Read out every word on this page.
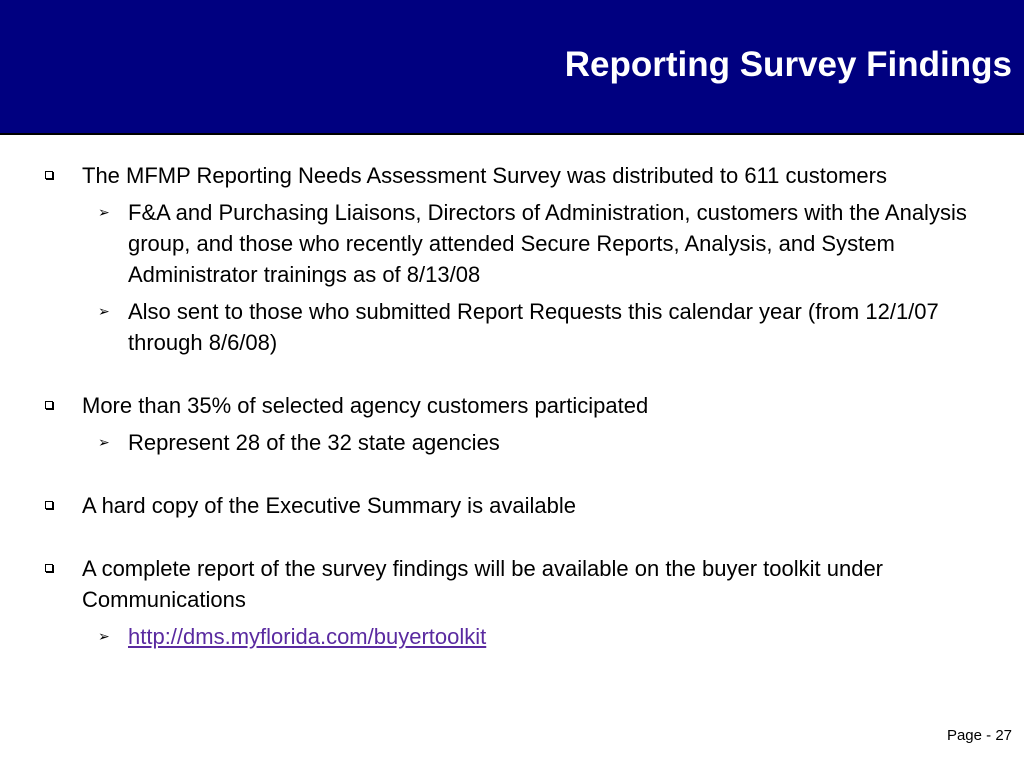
Reporting Survey Findings
The MFMP Reporting Needs Assessment Survey was distributed to 611 customers
➢ F&A and Purchasing Liaisons, Directors of Administration, customers with the Analysis group, and those who recently attended Secure Reports, Analysis, and System Administrator trainings as of 8/13/08
➢ Also sent to those who submitted Report Requests this calendar year (from 12/1/07 through 8/6/08)
More than 35% of selected agency customers participated
➢ Represent 28 of the 32 state agencies
A hard copy of the Executive Summary is available
A complete report of the survey findings will be available on the buyer toolkit under Communications
➢ http://dms.myflorida.com/buyertoolkit
Page - 27
